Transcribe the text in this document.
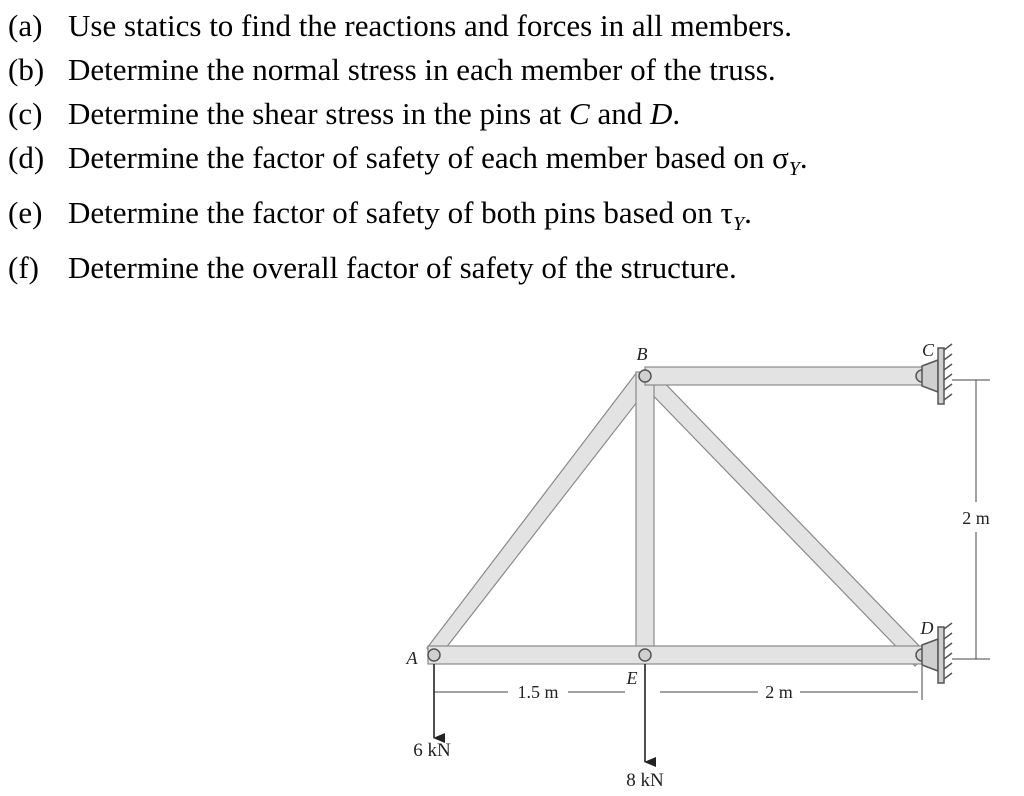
(a) Use statics to find the reactions and forces in all members.
(b) Determine the normal stress in each member of the truss.
(c) Determine the shear stress in the pins at C and D.
(d) Determine the factor of safety of each member based on $\sigma_Y$.
(e) Determine the factor of safety of both pins based on $\tau_Y$.
(f) Determine the overall factor of safety of the structure.
B	C
D
A
E
1.5 m	2 m
2 m
6 kN
8 kN
